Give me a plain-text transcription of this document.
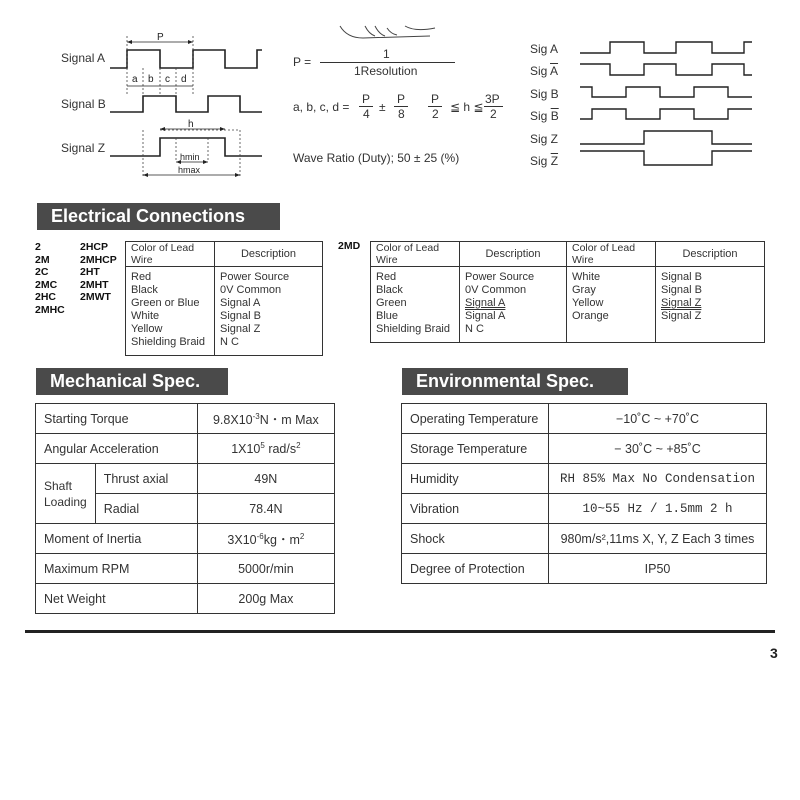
Signal A
Signal B
Signal Z
P
a b c d
h
hmin
hmax
P =
1
1Resolution
a, b, c, d =
P
4 ±
P
8
P
2 ≦ h ≦
3P
2
Wave Ratio (Duty); 50 ± 25 (%)
Sig A
Sig $\overline{A}$
Sig B
Sig $\overline{B}$
Sig Z
Sig $\overline{Z}$
Electrical Connections
2
2M
2C
2MC
2HC
2MHC
2HCP
2MHCP
2HT
2MHT
2MWT
Color of Lead Wire	Description
Red	Power Source
Black	0V Common
Green or Blue	Signal A
White	Signal B
Yellow	Signal Z
Shielding Braid	N C
2MD Color of Lead Wire	Description	Color of Lead Wire	Description
Red	Power Source	White	Signal B
Black	0V Common	Gray	Signal B
Green	Signal A	Yellow	Signal Z
Blue	Signal A	Orange	Signal Z
Shielding Braid	N C		
Mechanical Spec.
Starting Torque		$9.8X10^{-3}N$・m Max
Angular Acceleration		$1X10^5$ rad/$s^2$
Shaft
Loading	Thrust axial	49N
	Radial	78.4N
Moment of Inertia		$3X10^{-6}kg$・$m^2$
Maximum RPM		5000r/min
Net Weight		200g Max
Environmental Spec.
Operating Temperature	−10˚C ~ +70˚C
Storage Temperature	− 30˚C ~ +85˚C
Humidity	RH 85% Max No Condensation
Vibration	10~55 Hz / 1.5mm 2 h
Shock	980m/s²,11ms X, Y, Z Each 3 times
Degree of Protection	IP50
3
